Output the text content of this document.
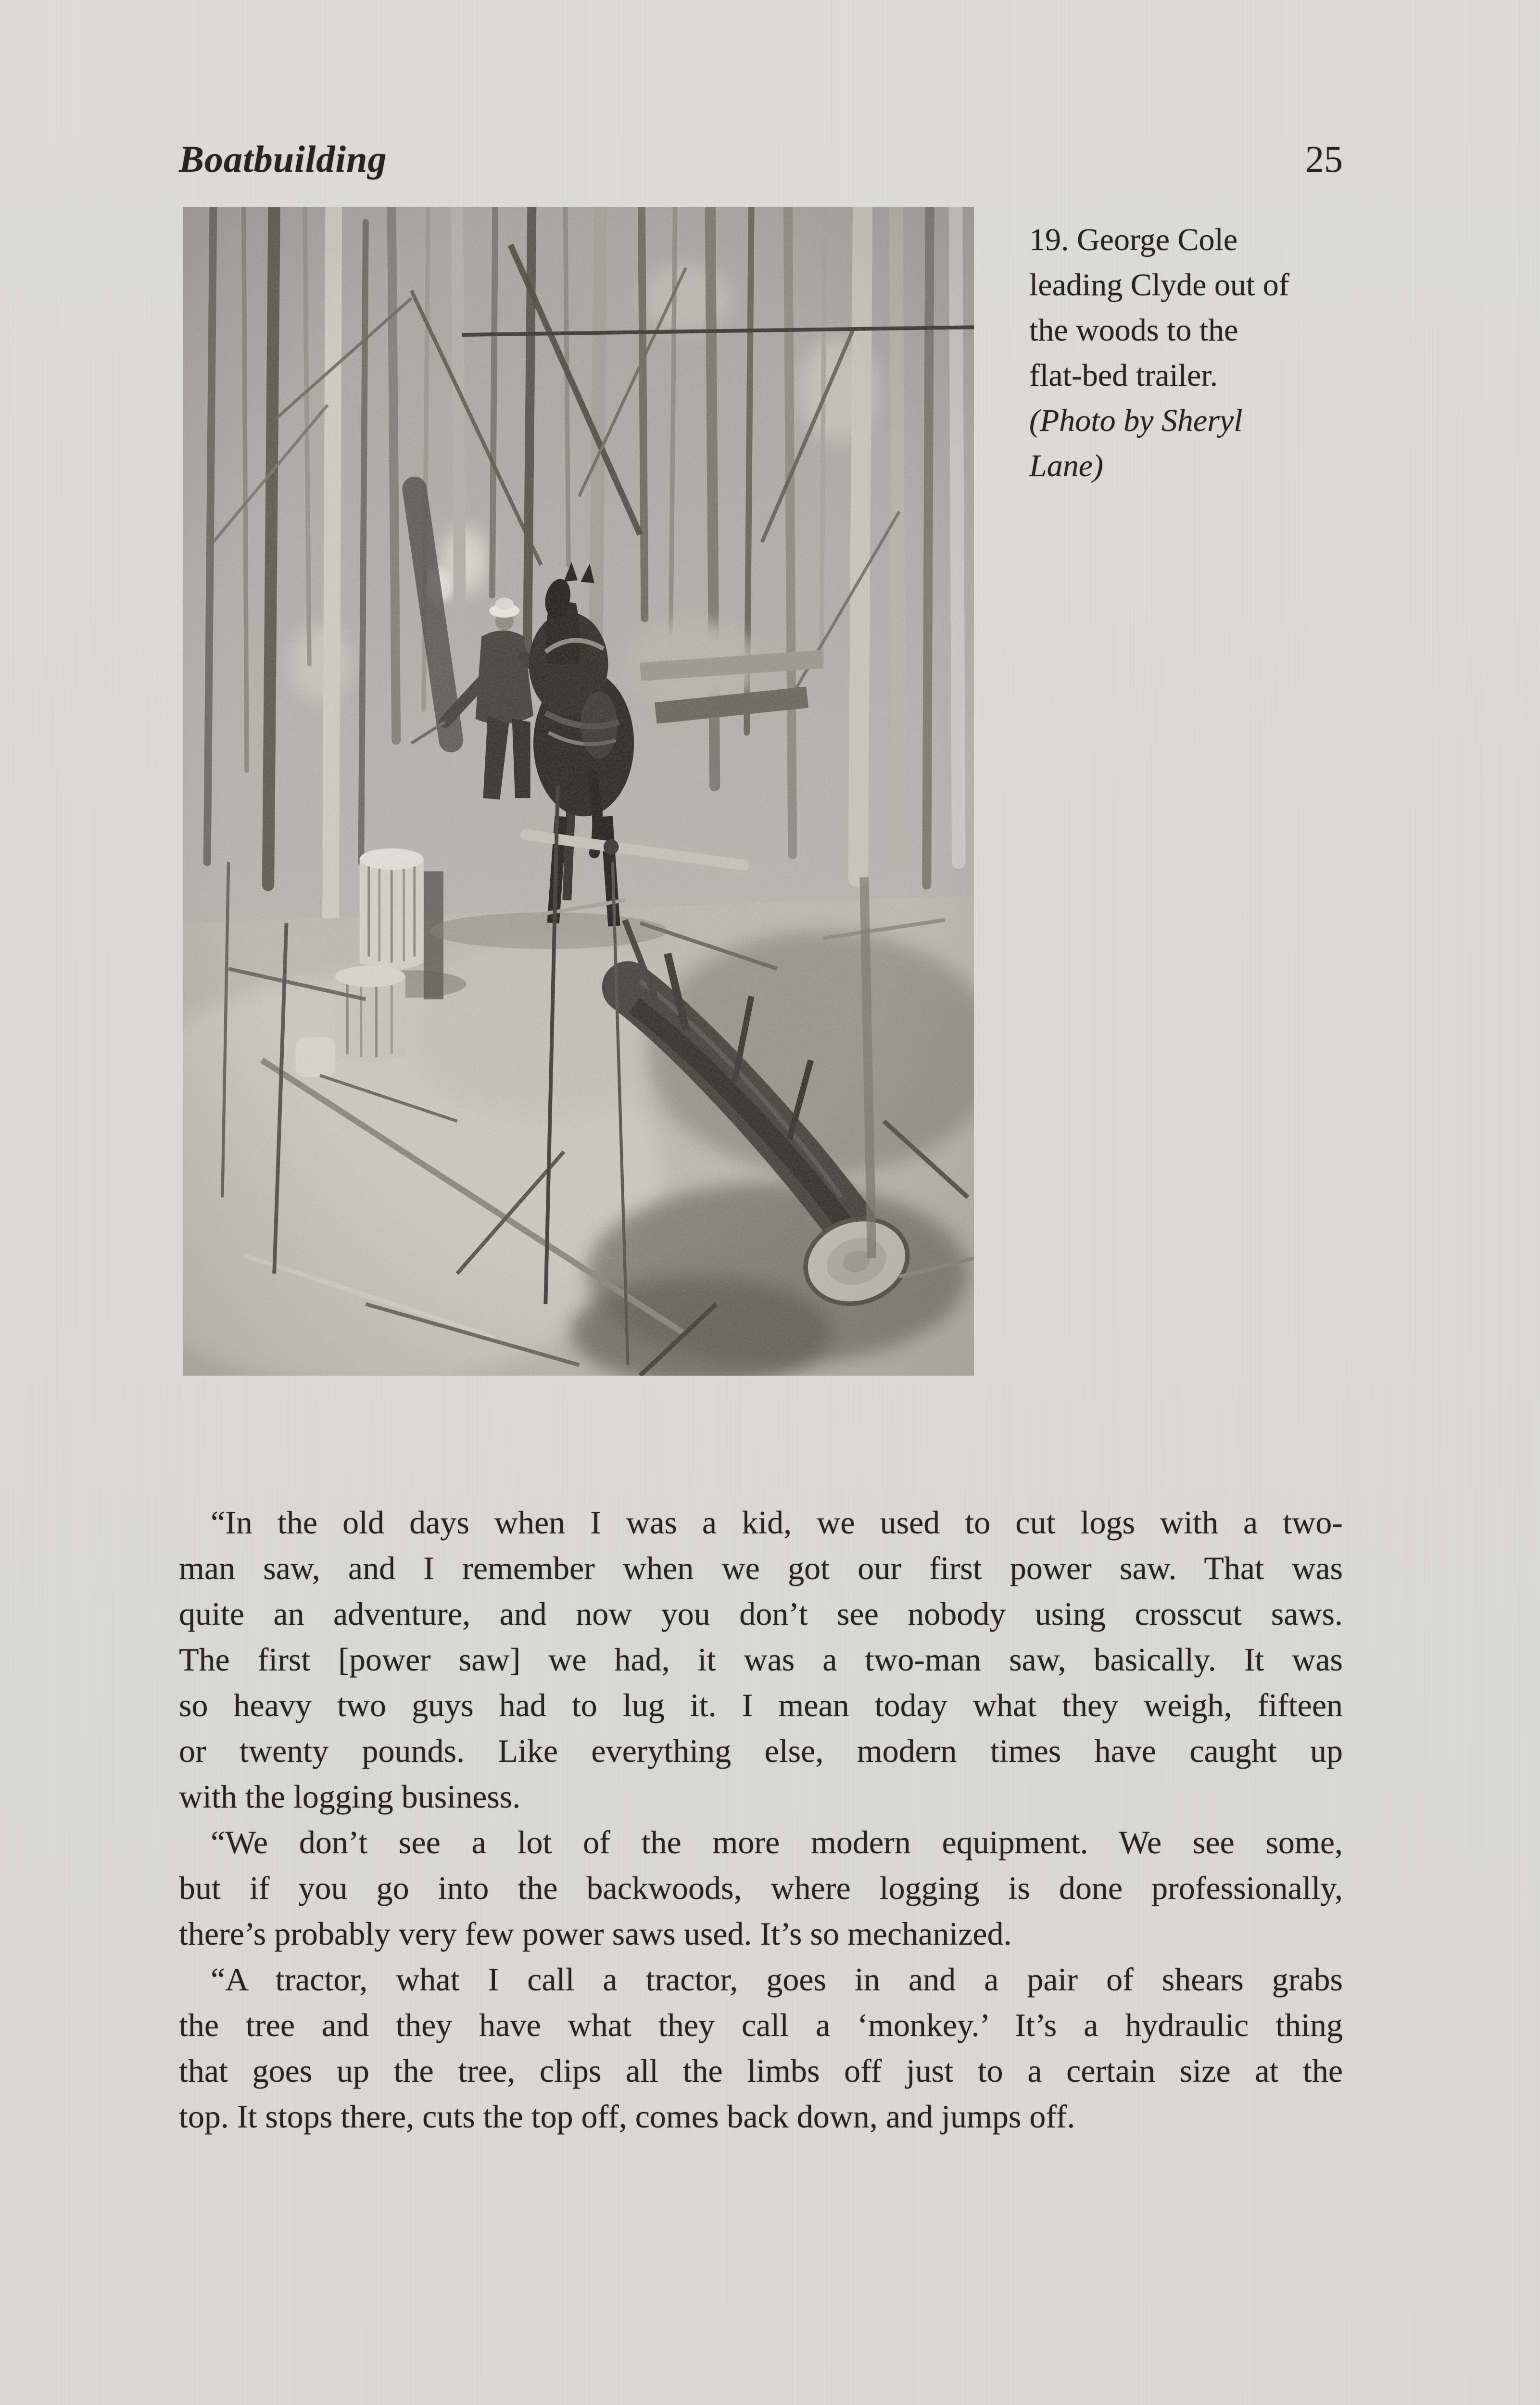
Boatbuilding	25
19. George Cole
leading Clyde out of
the woods to the
flat-bed trailer.
(Photo by Sheryl
Lane)

“In the old days when I was a kid, we used to cut logs with a two-
man saw, and I remember when we got our first power saw. That was
quite an adventure, and now you don’t see nobody using crosscut saws.
The first [power saw] we had, it was a two-man saw, basically. It was
so heavy two guys had to lug it. I mean today what they weigh, fifteen
or twenty pounds. Like everything else, modern times have caught up
with the logging business.

“We don’t see a lot of the more modern equipment. We see some,
but if you go into the backwoods, where logging is done professionally,
there’s probably very few power saws used. It’s so mechanized.

“A tractor, what I call a tractor, goes in and a pair of shears grabs
the tree and they have what they call a ‘monkey.’ It’s a hydraulic thing
that goes up the tree, clips all the limbs off just to a certain size at the
top. It stops there, cuts the top off, comes back down, and jumps off.
